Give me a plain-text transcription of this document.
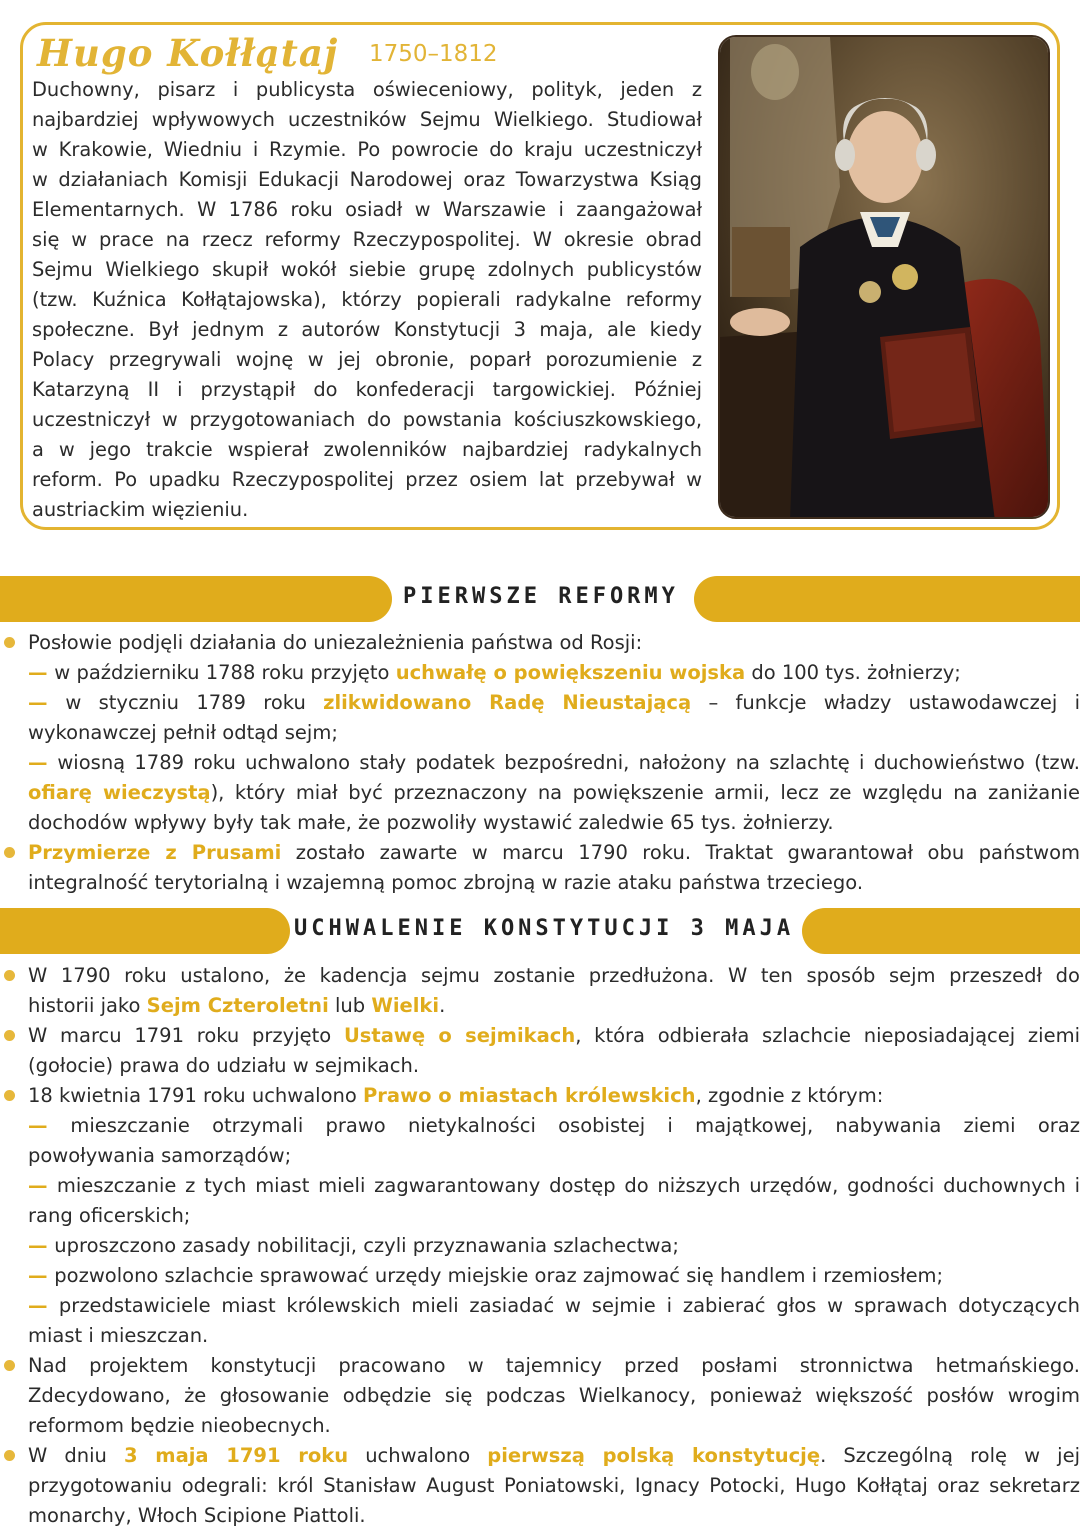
Hugo Kołłątaj 1750–1812
Duchowny, pisarz i publicysta oświeceniowy, polityk, jeden z
najbardziej wpływowych uczestników Sejmu Wielkiego. Studiował
w Krakowie, Wiedniu i Rzymie. Po powrocie do kraju uczestniczył
w działaniach Komisji Edukacji Narodowej oraz Towarzystwa Ksiąg
Elementarnych. W 1786 roku osiadł w Warszawie i zaangażował
się w prace na rzecz reformy Rzeczypospolitej. W okresie obrad
Sejmu Wielkiego skupił wokół siebie grupę zdolnych publicystów
(tzw. Kuźnica Kołłątajowska), którzy popierali radykalne reformy
społeczne. Był jednym z autorów Konstytucji 3 maja, ale kiedy
Polacy przegrywali wojnę w jej obronie, poparł porozumienie z
Katarzyną II i przystąpił do konfederacji targowickiej. Później
uczestniczył w przygotowaniach do powstania kościuszkowskiego,
a w jego trakcie wspierał zwolenników najbardziej radykalnych
reform. Po upadku Rzeczypospolitej przez osiem lat przebywał w
austriackim więzieniu.
PIERWSZE REFORMY
Posłowie podjęli działania do uniezależnienia państwa od Rosji:
— w październiku 1788 roku przyjęto uchwałę o powiększeniu wojska do 100 tys. żołnierzy;
— w styczniu 1789 roku zlikwidowano Radę Nieustającą – funkcje władzy ustawodawczej i
wykonawczej pełnił odtąd sejm;
— wiosną 1789 roku uchwalono stały podatek bezpośredni, nałożony na szlachtę i duchowieństwo (tzw.
ofiarę wieczystą), który miał być przeznaczony na powiększenie armii, lecz ze względu na zaniżanie
dochodów wpływy były tak małe, że pozwoliły wystawić zaledwie 65 tys. żołnierzy.
Przymierze z Prusami zostało zawarte w marcu 1790 roku. Traktat gwarantował obu państwom
integralność terytorialną i wzajemną pomoc zbrojną w razie ataku państwa trzeciego.
UCHWALENIE KONSTYTUCJI 3 MAJA
W 1790 roku ustalono, że kadencja sejmu zostanie przedłużona. W ten sposób sejm przeszedł do
historii jako Sejm Czteroletni lub Wielki.
W marcu 1791 roku przyjęto Ustawę o sejmikach, która odbierała szlachcie nieposiadającej ziemi
(gołocie) prawa do udziału w sejmikach.
18 kwietnia 1791 roku uchwalono Prawo o miastach królewskich, zgodnie z którym:
— mieszczanie otrzymali prawo nietykalności osobistej i majątkowej, nabywania ziemi oraz
powoływania samorządów;
— mieszczanie z tych miast mieli zagwarantowany dostęp do niższych urzędów, godności duchownych i
rang oficerskich;
— uproszczono zasady nobilitacji, czyli przyznawania szlachectwa;
— pozwolono szlachcie sprawować urzędy miejskie oraz zajmować się handlem i rzemiosłem;
— przedstawiciele miast królewskich mieli zasiadać w sejmie i zabierać głos w sprawach dotyczących
miast i mieszczan.
Nad projektem konstytucji pracowano w tajemnicy przed posłami stronnictwa hetmańskiego.
Zdecydowano, że głosowanie odbędzie się podczas Wielkanocy, ponieważ większość posłów wrogim
reformom będzie nieobecnych.
W dniu 3 maja 1791 roku uchwalono pierwszą polską konstytucję. Szczególną rolę w jej
przygotowaniu odegrali: król Stanisław August Poniatowski, Ignacy Potocki, Hugo Kołłątaj oraz sekretarz
monarchy, Włoch Scipione Piattoli.
